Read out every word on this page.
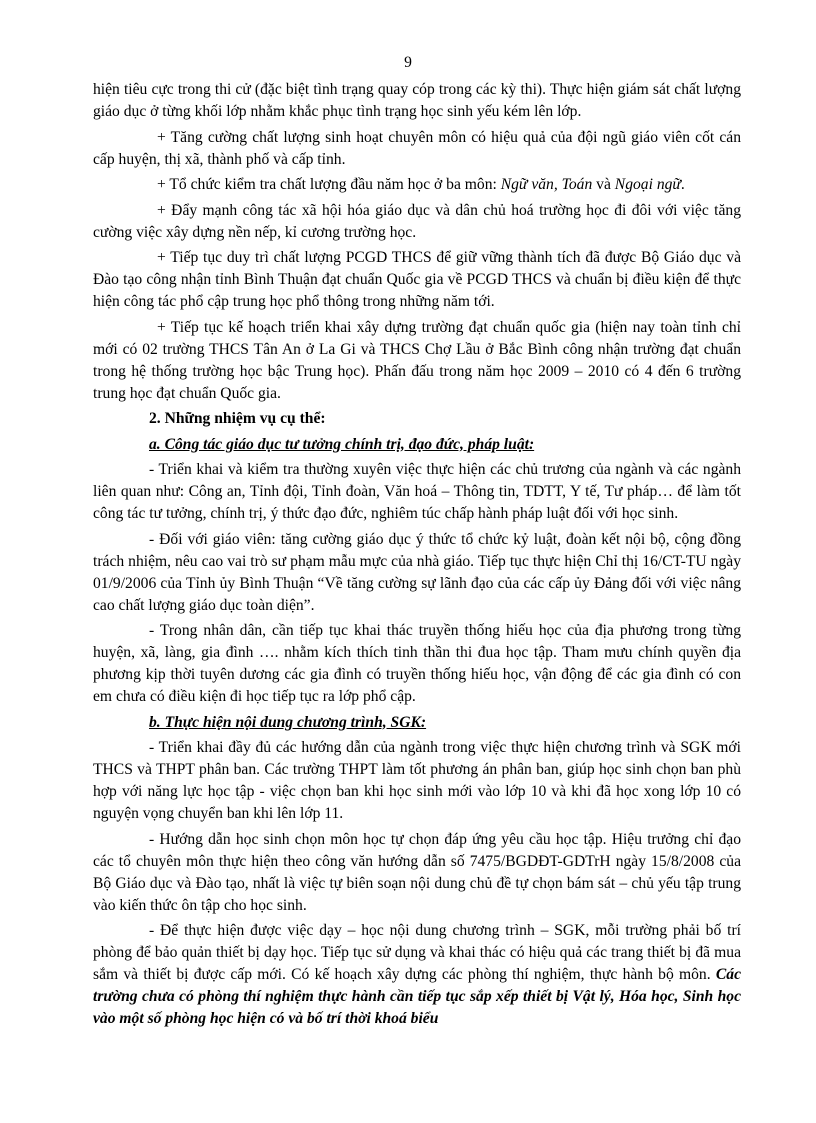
9

hiện tiêu cực trong thi cử (đặc biệt tình trạng quay cóp trong các kỳ thi). Thực hiện giám sát chất lượng giáo dục ở từng khối lớp nhằm khắc phục tình trạng học sinh yếu kém lên lớp.

+ Tăng cường chất lượng sinh hoạt chuyên môn có hiệu quả của đội ngũ giáo viên cốt cán cấp huyện, thị xã, thành phố và cấp tỉnh.

+ Tổ chức kiểm tra chất lượng đầu năm học ở ba môn: Ngữ văn, Toán và Ngoại ngữ.

+ Đẩy mạnh công tác xã hội hóa giáo dục và dân chủ hoá trường học đi đôi với việc tăng cường việc xây dựng nền nếp, kỉ cương trường học.

+ Tiếp tục duy trì chất lượng PCGD THCS để giữ vững thành tích đã được Bộ Giáo dục và Đào tạo công nhận tỉnh Bình Thuận đạt chuẩn Quốc gia về PCGD THCS và chuẩn bị điều kiện để thực hiện công tác phổ cập trung học phổ thông trong những năm tới.

+ Tiếp tục kế hoạch triển khai xây dựng trường đạt chuẩn quốc gia (hiện nay toàn tỉnh chỉ mới có 02 trường THCS Tân An ở La Gi và THCS Chợ Lầu ở Bắc Bình công nhận trường đạt chuẩn trong hệ thống trường học bậc Trung học). Phấn đấu trong năm học 2009 – 2010 có 4 đến 6 trường trung học đạt chuẩn Quốc gia.

2. Những nhiệm vụ cụ thể:

a. Công tác giáo dục tư tưởng chính trị, đạo đức, pháp luật:

- Triển khai và kiểm tra thường xuyên việc thực hiện các chủ trương của ngành và các ngành liên quan như: Công an, Tỉnh đội, Tỉnh đoàn, Văn hoá – Thông tin, TDTT, Y tế, Tư pháp… để làm tốt công tác tư tưởng, chính trị, ý thức đạo đức, nghiêm túc chấp hành pháp luật đối với học sinh.

- Đối với giáo viên: tăng cường giáo dục ý thức tổ chức kỷ luật, đoàn kết nội bộ, cộng đồng trách nhiệm, nêu cao vai trò sư phạm mẫu mực của nhà giáo. Tiếp tục thực hiện Chỉ thị 16/CT-TU ngày 01/9/2006 của Tỉnh ủy Bình Thuận “Về tăng cường sự lãnh đạo của các cấp ủy Đảng đối với việc nâng cao chất lượng giáo dục toàn diện”.

- Trong nhân dân, cần tiếp tục khai thác truyền thống hiếu học của địa phương trong từng huyện, xã, làng, gia đình …. nhằm kích thích tinh thần thi đua học tập. Tham mưu chính quyền địa phương kịp thời tuyên dương các gia đình có truyền thống hiếu học, vận động để các gia đình có con em chưa có điều kiện đi học tiếp tục ra lớp phổ cập.

b. Thực hiện nội dung chương trình, SGK:

- Triển khai đầy đủ các hướng dẫn của ngành trong việc thực hiện chương trình và SGK mới THCS và THPT phân ban. Các trường THPT làm tốt phương án phân ban, giúp học sinh chọn ban phù hợp với năng lực học tập - việc chọn ban khi học sinh mới vào lớp 10 và khi đã học xong lớp 10 có nguyện vọng chuyển ban khi lên lớp 11.

- Hướng dẫn học sinh chọn môn học tự chọn đáp ứng yêu cầu học tập. Hiệu trưởng chỉ đạo các tổ chuyên môn thực hiện theo công văn hướng dẫn số 7475/BGDĐT-GDTrH ngày 15/8/2008 của Bộ Giáo dục và Đào tạo, nhất là việc tự biên soạn nội dung chủ đề tự chọn bám sát – chủ yếu tập trung vào kiến thức ôn tập cho học sinh.

- Để thực hiện được việc dạy – học nội dung chương trình – SGK, mỗi trường phải bố trí phòng để bảo quản thiết bị dạy học. Tiếp tục sử dụng và khai thác có hiệu quả các trang thiết bị đã mua sắm và thiết bị được cấp mới. Có kế hoạch xây dựng các phòng thí nghiệm, thực hành bộ môn. Các trường chưa có phòng thí nghiệm thực hành cần tiếp tục sắp xếp thiết bị Vật lý, Hóa học, Sinh học vào một số phòng học hiện có và bố trí thời khoá biểu
